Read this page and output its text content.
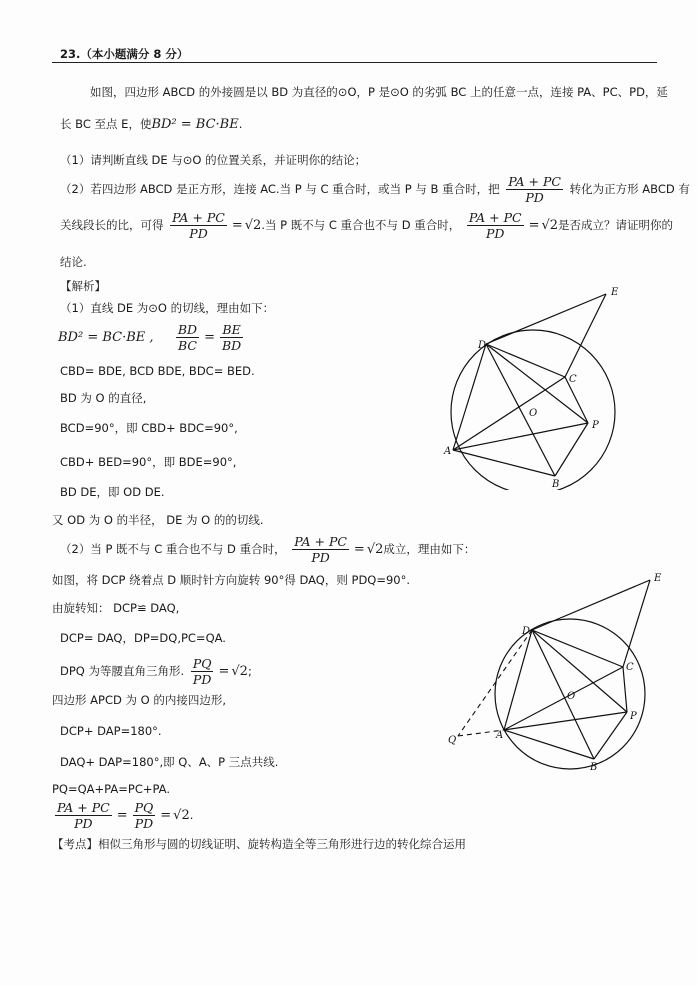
23.（本小题满分 8 分）
如图，四边形 ABCD 的外接圆是以 BD 为直径的⊙O，P 是⊙O 的劣弧 BC 上的任意一点，连接 PA、PC、PD，延
长 BC 至点 E，使BD² = BC·BE.
（1）请判断直线 DE 与⊙O 的位置关系，并证明你的结论；
（2）若四边形 ABCD 是正方形，连接 AC.当 P 与 C 重合时，或当 P 与 B 重合时，把 $\frac{PA + PC}{PD}$ 转化为正方形 ABCD 有
关线段长的比，可得 $\frac{PA + PC}{PD} = √2$.当 P 既不与 C 重合也不与 D 重合时， $\frac{PA + PC}{PD} = √2$是否成立？请证明你的
结论.
【解析】
（1）直线 DE 为⊙O 的切线，理由如下：
BD² = BC·BE , $\frac{BD}{BC} = \frac{BE}{BD}$
CBD= BDE, BCD BDE, BDC= BED.
BD 为 O 的直径,
BCD=90°，即 CBD+ BDC=90°,
CBD+ BED=90°，即 BDE=90°,
BD DE，即 OD DE.
又 OD 为 O 的半径， DE 为 O 的的切线.
（2）当 P 既不与 C 重合也不与 D 重合时， $\frac{PA + PC}{PD} = √2$成立，理由如下：
如图，将 DCP 绕着点 D 顺时针方向旋转 90°得 DAQ，则 PDQ=90°.
由旋转知： DCP≌ DAQ,
DCP= DAQ，DP=DQ,PC=QA.
DPQ 为等腰直角三角形. $\frac{PQ}{PD} = √2$;
四边形 APCD 为 O 的内接四边形,
DCP+ DAP=180°.
DAQ+ DAP=180°,即 Q、A、P 三点共线.
PQ=QA+PA=PC+PA.
$\frac{PA + PC}{PD} = \frac{PQ}{PD} = √2$.
【考点】相似三角形与圆的切线证明、旋转构造全等三角形进行边的转化综合运用
E
D
C
O
P
A
B
E
D
C
O
P
A
Q
B
